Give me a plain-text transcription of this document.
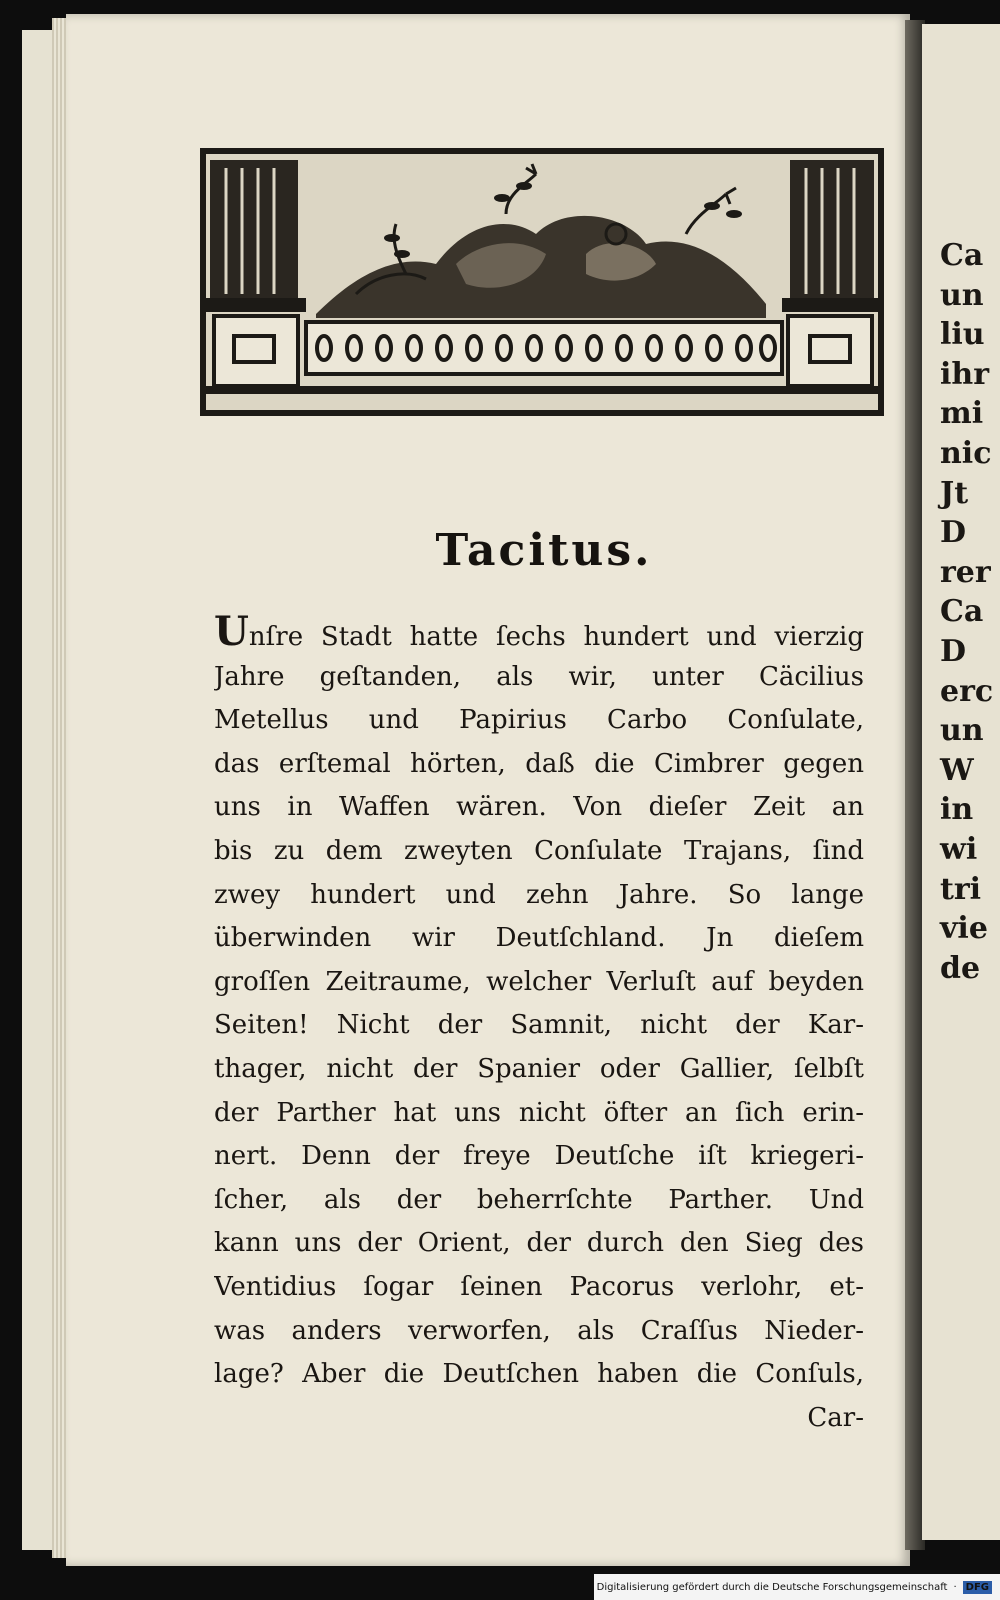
Tacitus.
Unſre Stadt hatte ſechs hundert und vierzig
Jahre geſtanden, als wir, unter Cäcilius
Metellus und Papirius Carbo Conſulate,
das erſtemal hörten, daß die Cimbrer gegen
uns in Waffen wären. Von dieſer Zeit an
bis zu dem zweyten Conſulate Trajans, ſind
zwey hundert und zehn Jahre. So lange
überwinden wir Deutſchland. Jn dieſem
groſſen Zeitraume, welcher Verluſt auf beyden
Seiten! Nicht der Samnit, nicht der Kar-
thager, nicht der Spanier oder Gallier, ſelbſt
der Parther hat uns nicht öfter an ſich erin-
nert. Denn der freye Deutſche iſt kriegeri-
ſcher, als der beherrſchte Parther. Und
kann uns der Orient, der durch den Sieg des
Ventidius ſogar ſeinen Pacorus verlohr, et-
was anders verworfen, als Craſſus Nieder-
lage? Aber die Deutſchen haben die Conſuls,
Car-
Ca
un
liu
ihr
mi
nic
Jt
D
rer
Ca
D
erc
un
W
in
wi
tri
vie
de
Digitalisierung gefördert durch die Deutsche Forschungsgemeinschaft · DFG
